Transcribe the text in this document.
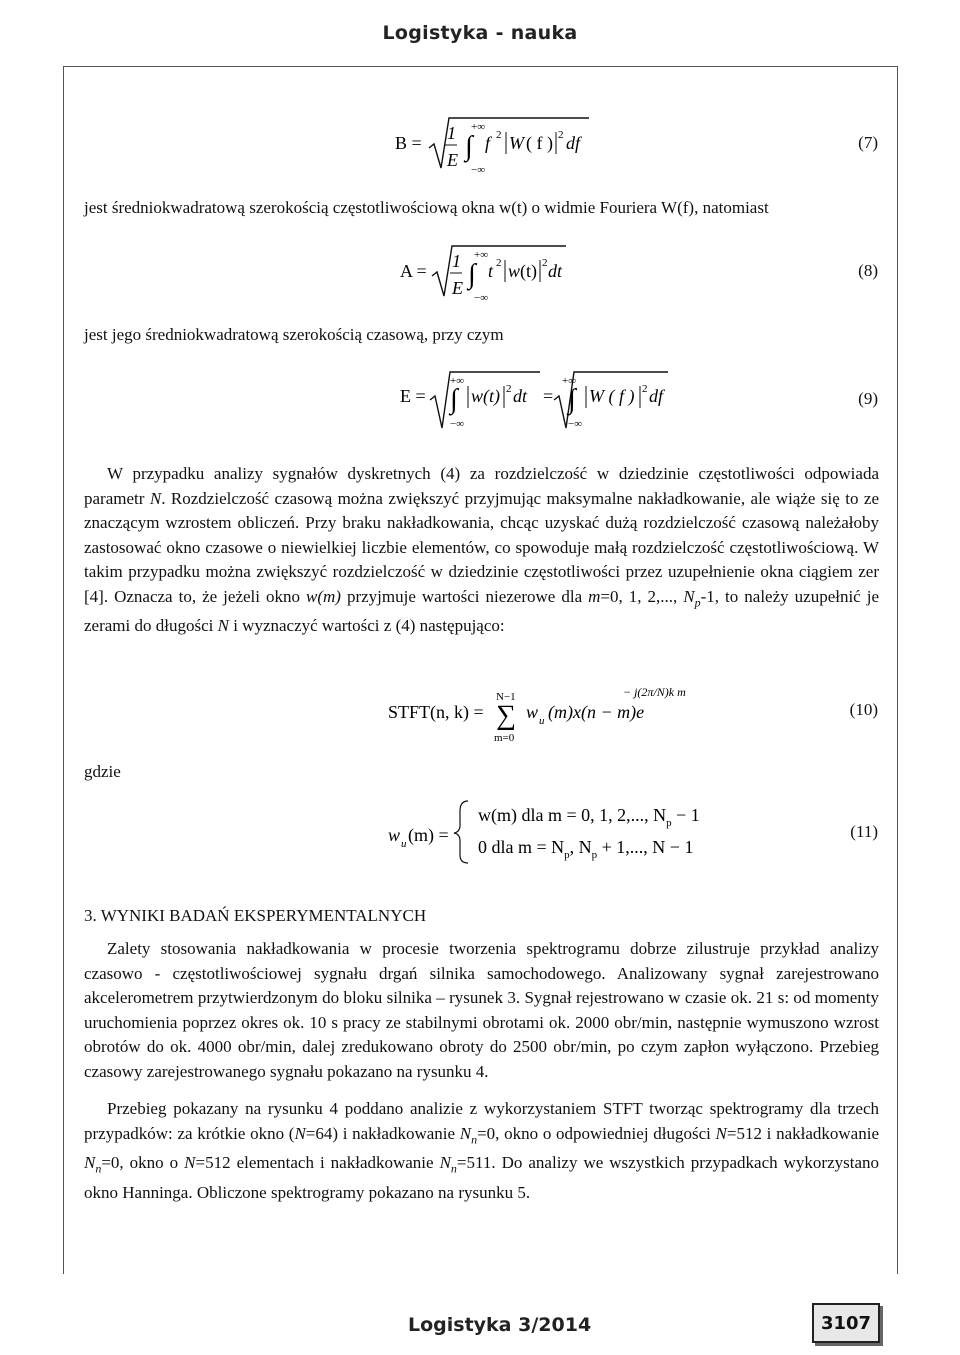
Logistyka - nauka
B = 1
E
+∞
∫
−∞
f 2 W ( f ) 2 df	(7)

jest średniokwadratową szerokością częstotliwościową okna w(t) o widmie Fouriera W(f), natomiast

A = 1
E
+∞
∫
−∞
t 2 w (t) 2 dt	(8)

jest jego średniokwadratową szerokością czasową, przy czym

E =
+∞
∫
−∞
w(t) 2 dt =
+∞
∫
−∞
W ( f ) 2 df	(9)

W przypadku analizy sygnałów dyskretnych (4) za rozdzielczość w dziedzinie częstotliwości odpowiada parametr N. Rozdzielczość czasową można zwiększyć przyjmując maksymalne nakładkowanie, ale wiąże się to ze znaczącym wzrostem obliczeń. Przy braku nakładkowania, chcąc uzyskać dużą rozdzielczość czasową należałoby zastosować okno czasowe o niewielkiej liczbie elementów, co spowoduje małą rozdzielczość częstotliwościową. W takim przypadku można zwiększyć rozdzielczość w dziedzinie częstotliwości przez uzupełnienie okna ciągiem zer [4]. Oznacza to, że jeżeli okno w(m) przyjmuje wartości niezerowe dla m=0, 1, 2,..., $N_p-1$, to należy uzupełnić je zerami do długości N i wyznaczyć wartości z (4) następująco:

STFT(n, k) =
N−1
∑
m=0
w u (m)x(n − m)e
− j(2π/N)k m
(10)
gdzie
w u (m) =
w(m) dla m = 0, 1, 2,..., $N_p - 1$
0 dla $m = N_p$, $N_p + 1$,..., N − 1
(11)
3. WYNIKI BADAŃ EKSPERYMENTALNYCH

Zalety stosowania nakładkowania w procesie tworzenia spektrogramu dobrze zilustruje przykład analizy czasowo - częstotliwościowej sygnału drgań silnika samochodowego. Analizowany sygnał zarejestrowano akcelerometrem przytwierdzonym do bloku silnika – rysunek 3. Sygnał rejestrowano w czasie ok. 21 s: od momenty uruchomienia poprzez okres ok. 10 s pracy ze stabilnymi obrotami ok. 2000 obr/min, następnie wymuszono wzrost obrotów do ok. 4000 obr/min, dalej zredukowano obroty do 2500 obr/min, po czym zapłon wyłączono. Przebieg czasowy zarejestrowanego sygnału pokazano na rysunku 4.

Przebieg pokazany na rysunku 4 poddano analizie z wykorzystaniem STFT tworząc spektrogramy dla trzech przypadków: za krótkie okno (N=64) i nakładkowanie $N_n=0$, okno o odpowiedniej długości N=512 i nakładkowanie $N_n=0$, okno o N=512 elementach i nakładkowanie $N_n=511$. Do analizy we wszystkich przypadkach wykorzystano okno Hanninga. Obliczone spektrogramy pokazano na rysunku 5.

Logistyka 3/2014	3107
